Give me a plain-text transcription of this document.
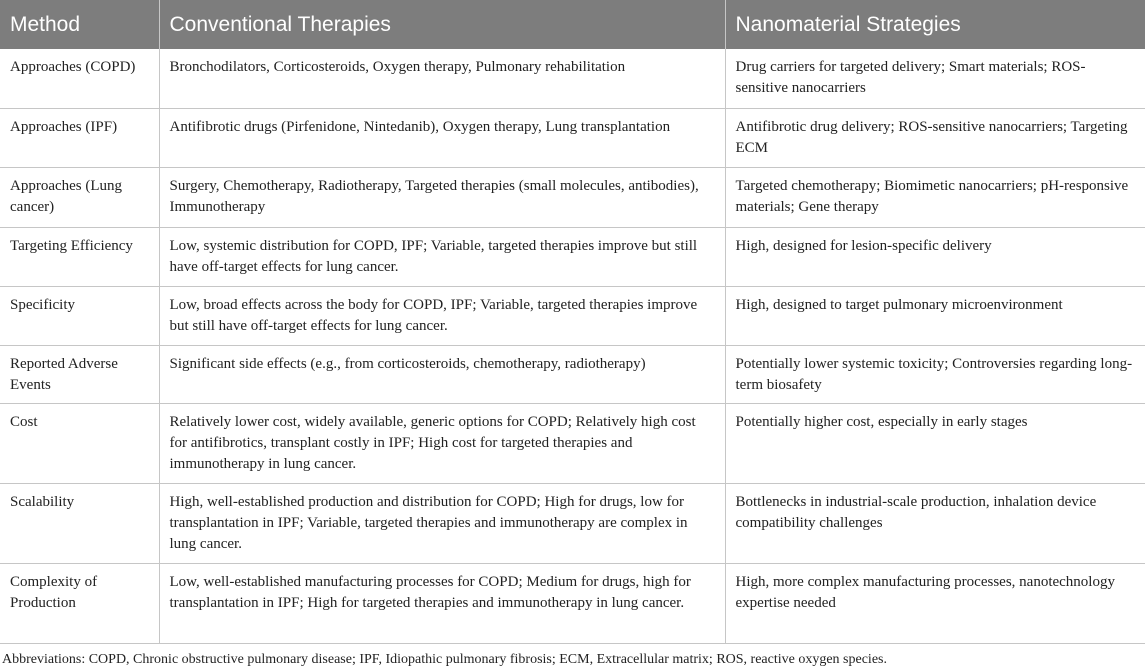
Method	Conventional Therapies	Nanomaterial Strategies
Approaches (COPD)	Bronchodilators, Corticosteroids, Oxygen therapy, Pulmonary rehabilitation	Drug carriers for targeted delivery; Smart materials; ROS-sensitive nanocarriers
Approaches (IPF)	Antifibrotic drugs (Pirfenidone, Nintedanib), Oxygen therapy, Lung transplantation	Antifibrotic drug delivery; ROS-sensitive nanocarriers; Targeting ECM
Approaches (Lung cancer)	Surgery, Chemotherapy, Radiotherapy, Targeted therapies (small molecules, antibodies), Immunotherapy	Targeted chemotherapy; Biomimetic nanocarriers; pH-responsive materials; Gene therapy
Targeting Efficiency	Low, systemic distribution for COPD, IPF; Variable, targeted therapies improve but still have off-target effects for lung cancer.	High, designed for lesion-specific delivery
Specificity	Low, broad effects across the body for COPD, IPF; Variable, targeted therapies improve but still have off-target effects for lung cancer.	High, designed to target pulmonary microenvironment
Reported Adverse Events	Significant side effects (e.g., from corticosteroids, chemotherapy, radiotherapy)	Potentially lower systemic toxicity; Controversies regarding long-term biosafety
Cost	Relatively lower cost, widely available, generic options for COPD; Relatively high cost for antifibrotics, transplant costly in IPF; High cost for targeted therapies and immunotherapy in lung cancer.	Potentially higher cost, especially in early stages
Scalability	High, well-established production and distribution for COPD; High for drugs, low for transplantation in IPF; Variable, targeted therapies and immunotherapy are complex in lung cancer.	Bottlenecks in industrial-scale production, inhalation device compatibility challenges
Complexity of Production	Low, well-established manufacturing processes for COPD; Medium for drugs, high for transplantation in IPF; High for targeted therapies and immunotherapy in lung cancer.	High, more complex manufacturing processes, nanotechnology expertise needed
Abbreviations: COPD, Chronic obstructive pulmonary disease; IPF, Idiopathic pulmonary fibrosis; ECM, Extracellular matrix; ROS, reactive oxygen species.
